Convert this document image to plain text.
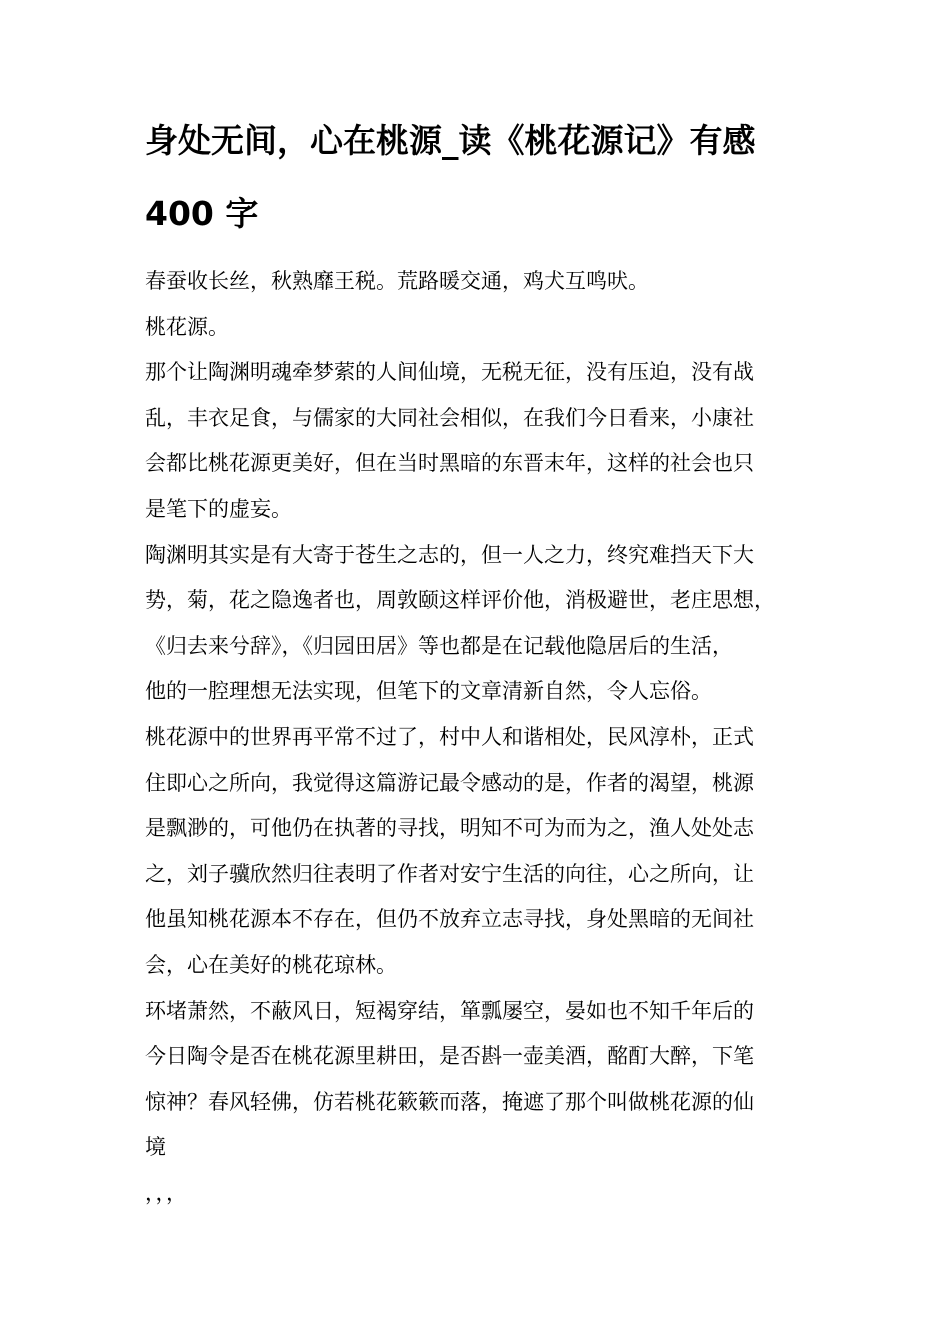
身处无间，心在桃源_读《桃花源记》有感
400 字
春蚕收长丝，秋熟靡王税。荒路暖交通，鸡犬互鸣吠。
桃花源。
那个让陶渊明魂牵梦萦的人间仙境，无税无征，没有压迫，没有战
乱，丰衣足食，与儒家的大同社会相似，在我们今日看来，小康社
会都比桃花源更美好，但在当时黑暗的东晋末年，这样的社会也只
是笔下的虚妄。
陶渊明其实是有大寄于苍生之志的，但一人之力，终究难挡天下大
势，菊，花之隐逸者也，周敦颐这样评价他，消极避世，老庄思想，
《归去来兮辞》，《归园田居》等也都是在记载他隐居后的生活，
他的一腔理想无法实现，但笔下的文章清新自然，令人忘俗。
桃花源中的世界再平常不过了，村中人和谐相处，民风淳朴，正式
住即心之所向，我觉得这篇游记最令感动的是，作者的渴望，桃源
是飘渺的，可他仍在执著的寻找，明知不可为而为之，渔人处处志
之，刘子骥欣然归往表明了作者对安宁生活的向往，心之所向，让
他虽知桃花源本不存在，但仍不放弃立志寻找，身处黑暗的无间社
会，心在美好的桃花琼林。
环堵萧然，不蔽风日，短褐穿结，箪瓢屡空，晏如也不知千年后的
今日陶令是否在桃花源里耕田，是否斟一壶美酒，酩酊大醉，下笔
惊神？春风轻佛，仿若桃花簌簌而落，掩遮了那个叫做桃花源的仙
境
，，，
